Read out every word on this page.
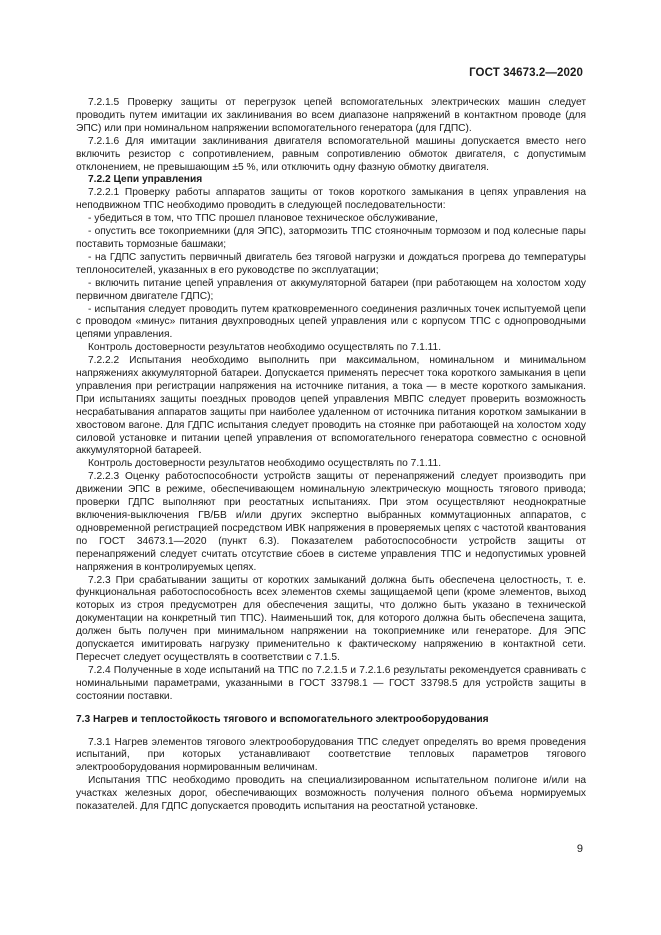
ГОСТ 34673.2—2020

7.2.1.5 Проверку защиты от перегрузок цепей вспомогательных электрических машин следует проводить путем имитации их заклинивания во всем диапазоне напряжений в контактном проводе (для ЭПС) или при номинальном напряжении вспомогательного генератора (для ГДПС).

7.2.1.6 Для имитации заклинивания двигателя вспомогательной машины допускается вместо него включить резистор с сопротивлением, равным сопротивлению обмоток двигателя, с допустимым отклонением, не превышающим ±5 %, или отключить одну фазную обмотку двигателя.

7.2.2 Цепи управления

7.2.2.1 Проверку работы аппаратов защиты от токов короткого замыкания в цепях управления на неподвижном ТПС необходимо проводить в следующей последовательности:

- убедиться в том, что ТПС прошел плановое техническое обслуживание,

- опустить все токоприемники (для ЭПС), затормозить ТПС стояночным тормозом и под колесные пары поставить тормозные башмаки;

- на ГДПС запустить первичный двигатель без тяговой нагрузки и дождаться прогрева до температуры теплоносителей, указанных в его руководстве по эксплуатации;

- включить питание цепей управления от аккумуляторной батареи (при работающем на холостом ходу первичном двигателе ГДПС);

- испытания следует проводить путем кратковременного соединения различных точек испытуемой цепи с проводом «минус» питания двухпроводных цепей управления или с корпусом ТПС с однопроводными цепями управления.

Контроль достоверности результатов необходимо осуществлять по 7.1.11.

7.2.2.2 Испытания необходимо выполнить при максимальном, номинальном и минимальном напряжениях аккумуляторной батареи. Допускается применять пересчет тока короткого замыкания в цепи управления при регистрации напряжения на источнике питания, а тока — в месте короткого замыкания. При испытаниях защиты поездных проводов цепей управления МВПС следует проверить возможность несрабатывания аппаратов защиты при наиболее удаленном от источника питания коротком замыкании в хвостовом вагоне. Для ГДПС испытания следует проводить на стоянке при работающей на холостом ходу силовой установке и питании цепей управления от вспомогательного генератора совместно с основной аккумуляторной батареей.

Контроль достоверности результатов необходимо осуществлять по 7.1.11.

7.2.2.3 Оценку работоспособности устройств защиты от перенапряжений следует производить при движении ЭПС в режиме, обеспечивающем номинальную электрическую мощность тягового привода; проверки ГДПС выполняют при реостатных испытаниях. При этом осуществляют неоднократные включения-выключения ГВ/БВ и/или других экспертно выбранных коммутационных аппаратов, с одновременной регистрацией посредством ИВК напряжения в проверяемых цепях с частотой квантования по ГОСТ 34673.1—2020 (пункт 6.3). Показателем работоспособности устройств защиты от перенапряжений следует считать отсутствие сбоев в системе управления ТПС и недопустимых уровней напряжения в контролируемых цепях.

7.2.3 При срабатывании защиты от коротких замыканий должна быть обеспечена целостность, т. е. функциональная работоспособность всех элементов схемы защищаемой цепи (кроме элементов, выход которых из строя предусмотрен для обеспечения защиты, что должно быть указано в технической документации на конкретный тип ТПС). Наименьший ток, для которого должна быть обеспечена защита, должен быть получен при минимальном напряжении на токоприемнике или генераторе. Для ЭПС допускается имитировать нагрузку применительно к фактическому напряжению в контактной сети. Пересчет следует осуществлять в соответствии с 7.1.5.

7.2.4 Полученные в ходе испытаний на ТПС по 7.2.1.5 и 7.2.1.6 результаты рекомендуется сравнивать с номинальными параметрами, указанными в ГОСТ 33798.1 — ГОСТ 33798.5 для устройств защиты в состоянии поставки.

7.3 Нагрев и теплостойкость тягового и вспомогательного электрооборудования

7.3.1 Нагрев элементов тягового электрооборудования ТПС следует определять во время проведения испытаний, при которых устанавливают соответствие тепловых параметров тягового электрооборудования нормированным величинам.

Испытания ТПС необходимо проводить на специализированном испытательном полигоне и/или на участках железных дорог, обеспечивающих возможность получения полного объема нормируемых показателей. Для ГДПС допускается проводить испытания на реостатной установке.

9
